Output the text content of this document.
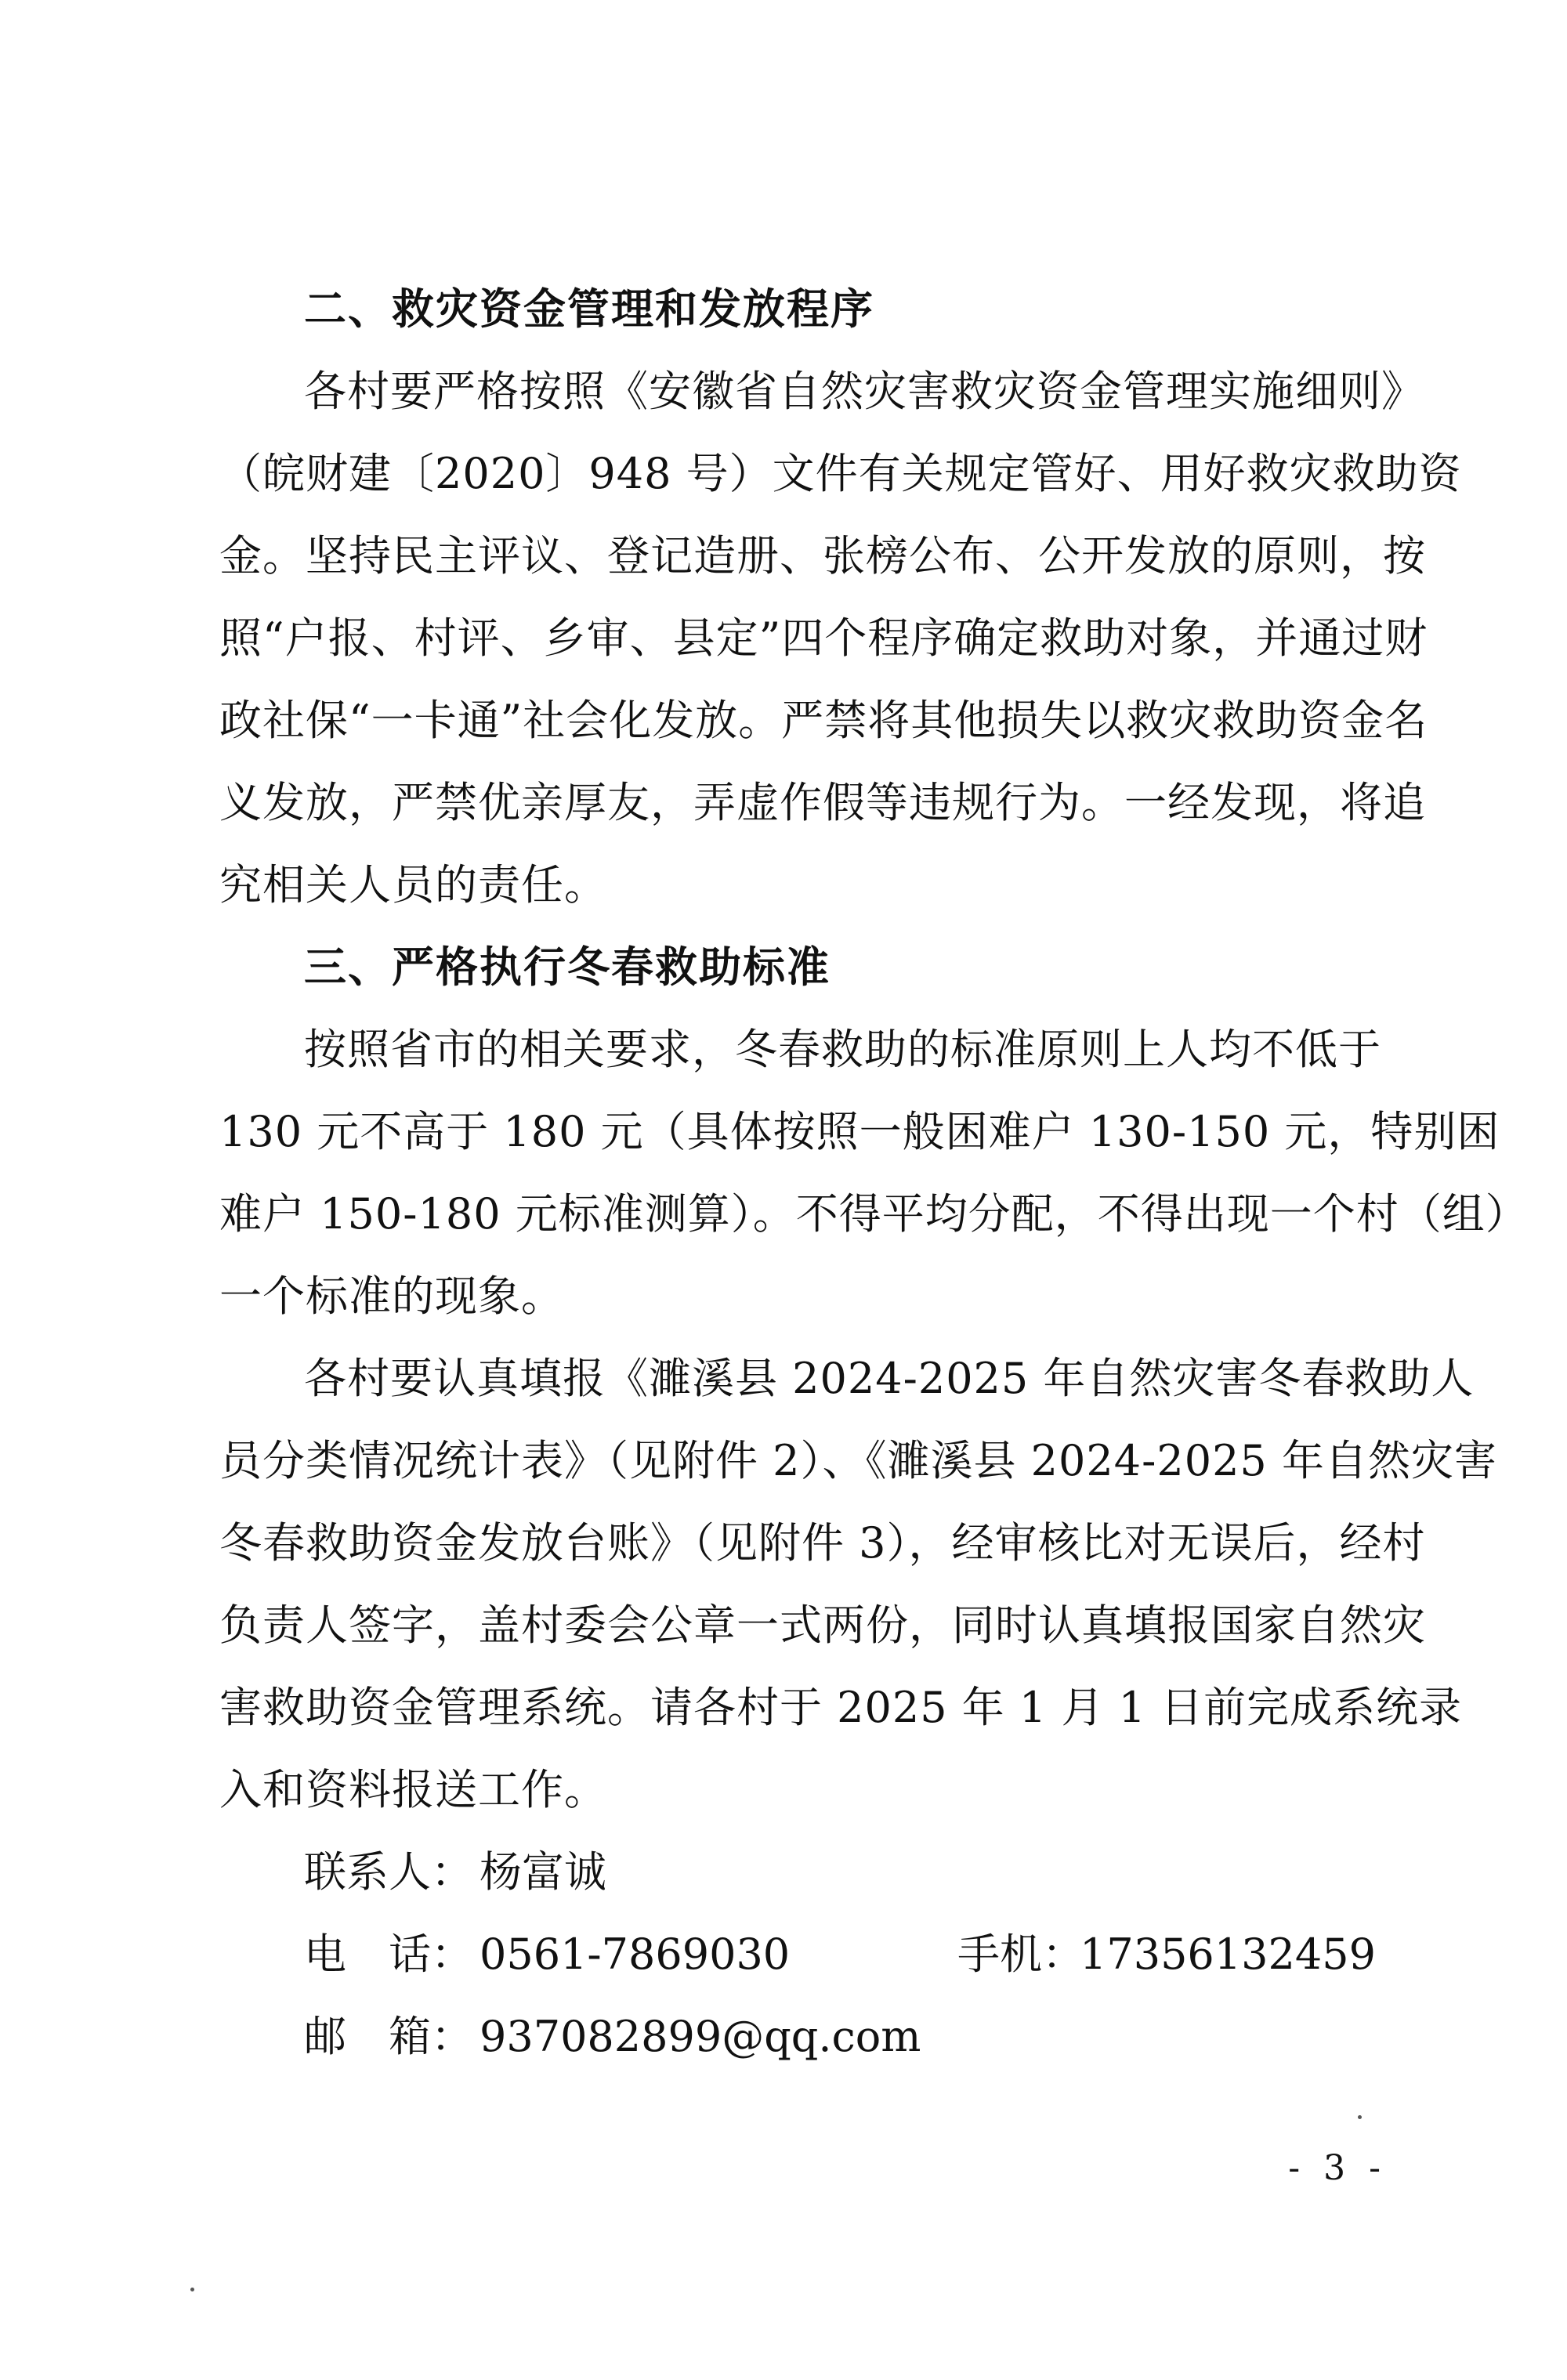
二、救灾资金管理和发放程序
各村要严格按照《安徽省自然灾害救灾资金管理实施细则》
（皖财建〔2020〕948 号）文件有关规定管好、用好救灾救助资
金。坚持民主评议、登记造册、张榜公布、公开发放的原则，按
照“户报、村评、乡审、县定”四个程序确定救助对象，并通过财
政社保“一卡通”社会化发放。严禁将其他损失以救灾救助资金名
义发放，严禁优亲厚友，弄虚作假等违规行为。一经发现，将追
究相关人员的责任。
三、严格执行冬春救助标准
按照省市的相关要求，冬春救助的标准原则上人均不低于
130 元不高于 180 元（具体按照一般困难户 130-150 元，特别困
难户 150-180 元标准测算）。不得平均分配，不得出现一个村（组）
一个标准的现象。
各村要认真填报《濉溪县 2024-2025 年自然灾害冬春救助人
员分类情况统计表》（见附件 2）、《濉溪县 2024-2025 年自然灾害
冬春救助资金发放台账》（见附件 3），经审核比对无误后，经村
负责人签字，盖村委会公章一式两份，同时认真填报国家自然灾
害救助资金管理系统。请各村于 2025 年 1 月 1 日前完成系统录
入和资料报送工作。
联系人： 杨富诚
电　话： 0561-7869030	手机：
17356132459
邮　箱： 937082899@qq.com
- 3 -
